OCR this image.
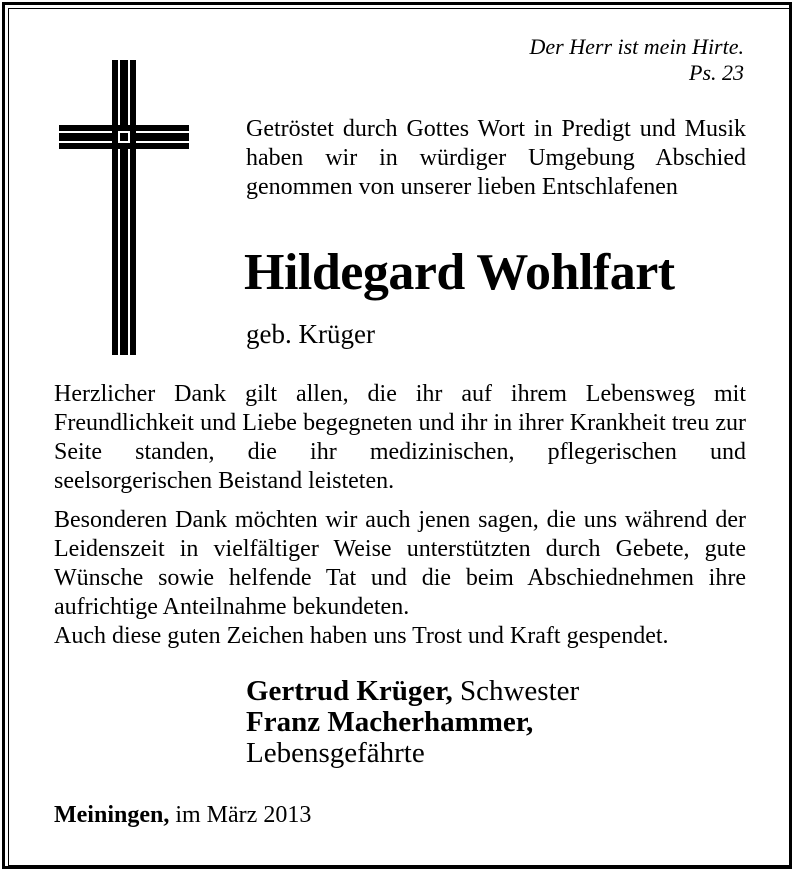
Der Herr ist mein Hirte.
Ps. 23
Getröstet durch Gottes Wort in Predigt und Musik haben wir in würdiger Umgebung Abschied genommen von unserer lieben Entschlafenen
Hildegard Wohlfart
geb. Krüger
Herzlicher Dank gilt allen, die ihr auf ihrem Lebensweg mit Freundlichkeit und Liebe begegneten und ihr in ihrer Krankheit treu zur Seite standen, die ihr medizinischen, pflegerischen und seelsorgerischen Beistand leisteten.
Besonderen Dank möchten wir auch jenen sagen, die uns während der Leidenszeit in vielfältiger Weise unterstützten durch Gebete, gute Wünsche sowie helfende Tat und die beim Abschiednehmen ihre aufrichtige Anteilnahme bekundeten.
Auch diese guten Zeichen haben uns Trost und Kraft gespendet.
Gertrud Krüger, Schwester
Franz Macherhammer,
Lebensgefährte
Meiningen, im März 2013
